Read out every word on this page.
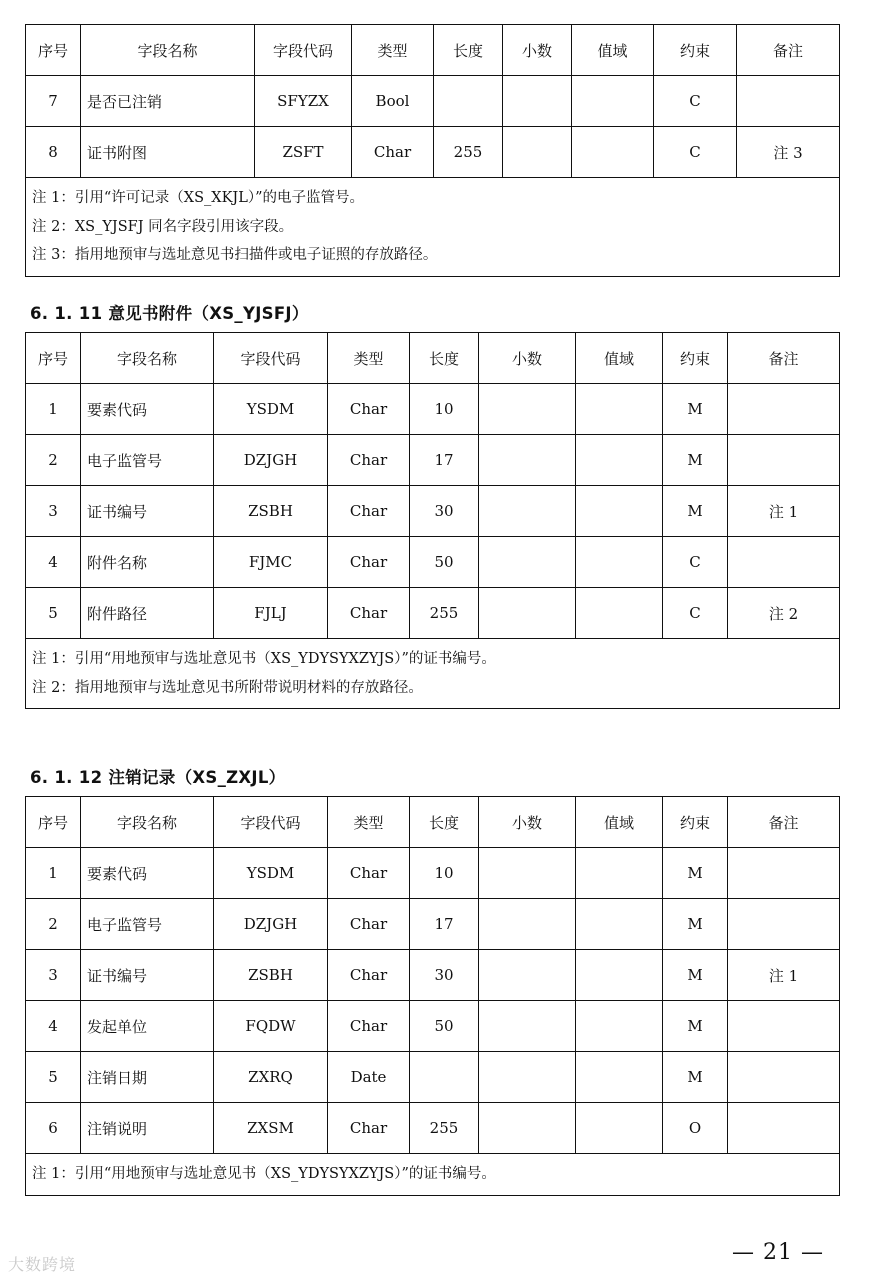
序号	字段名称	字段代码	类型	长度	小数	值域	约束	备注
7	是否已注销	SFYZX	Bool				C	
8	证书附图	ZSFT	Char	255			C	注 3

注 1：引用“许可记录（XS_XKJL）”的电子监管号。
注 2：XS_YJSFJ 同名字段引用该字段。
注 3：指用地预审与选址意见书扫描件或电子证照的存放路径。								
6. 1. 11 意见书附件（XS_YJSFJ）
序号	字段名称	字段代码	类型	长度	小数	值域	约束	备注
1	要素代码	YSDM	Char	10			M	
2	电子监管号	DZJGH	Char	17			M	
3	证书编号	ZSBH	Char	30			M	注 1
4	附件名称	FJMC	Char	50			C	
5	附件路径	FJLJ	Char	255			C	注 2

注 1：引用“用地预审与选址意见书（XS_YDYSYXZYJS）”的证书编号。
注 2：指用地预审与选址意见书所附带说明材料的存放路径。								
6. 1. 12 注销记录（XS_ZXJL）
序号	字段名称	字段代码	类型	长度	小数	值域	约束	备注
1	要素代码	YSDM	Char	10			M	
2	电子监管号	DZJGH	Char	17			M	
3	证书编号	ZSBH	Char	30			M	注 1
4	发起单位	FQDW	Char	50			M	
5	注销日期	ZXRQ	Date				M	
6	注销说明	ZXSM	Char	255			O	

注 1：引用“用地预审与选址意见书（XS_YDYSYXZYJS）”的证书编号。								
— 21 —
大数跨境
